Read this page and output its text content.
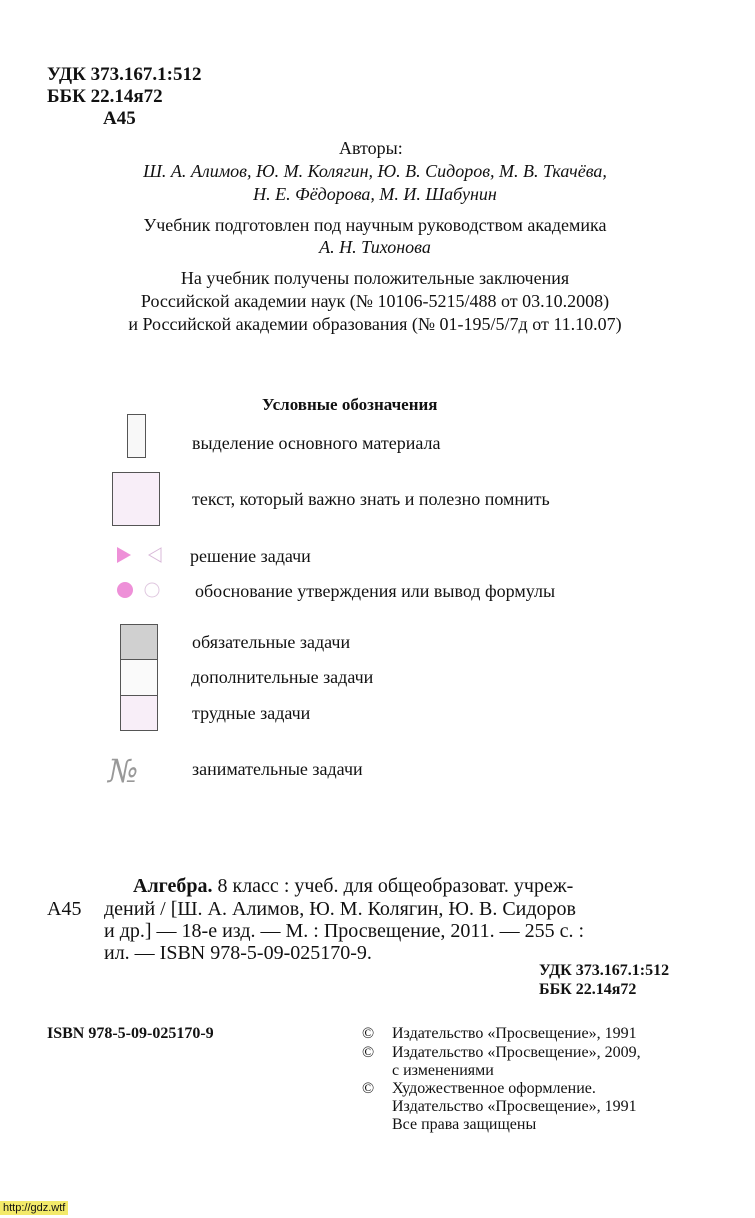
УДК 373.167.1:512
ББК 22.14я72
А45
Авторы:
Ш. А. Алимов, Ю. М. Колягин, Ю. В. Сидоров, М. В. Ткачёва,
Н. Е. Фёдорова, М. И. Шабунин
Учебник подготовлен под научным руководством академика
А. Н. Тихонова
На учебник получены положительные заключения
Российской академии наук (№ 10106-5215/488 от 03.10.2008)
и Российской академии образования (№ 01-195/5/7д от 11.10.07)
Условные обозначения
выделение основного материала
текст, который важно знать и полезно помнить
решение задачи
обоснование утверждения или вывод формулы
обязательные задачи
дополнительные задачи
трудные задачи
№	занимательные задачи
Алгебра. 8 класс : учеб. для общеобразоват. учреж-
А45 дений / [Ш. А. Алимов, Ю. М. Колягин, Ю. В. Сидоров
и др.] — 18-е изд. — М. : Просвещение, 2011. — 255 с. :
ил. — ISBN 978-5-09-025170-9.
УДК 373.167.1:512
ББК 22.14я72
ISBN 978-5-09-025170-9	© Издательство «Просвещение», 1991
© Издательство «Просвещение», 2009,
с изменениями
© Художественное оформление.
Издательство «Просвещение», 1991
Все права защищены
http://gdz.wtf
